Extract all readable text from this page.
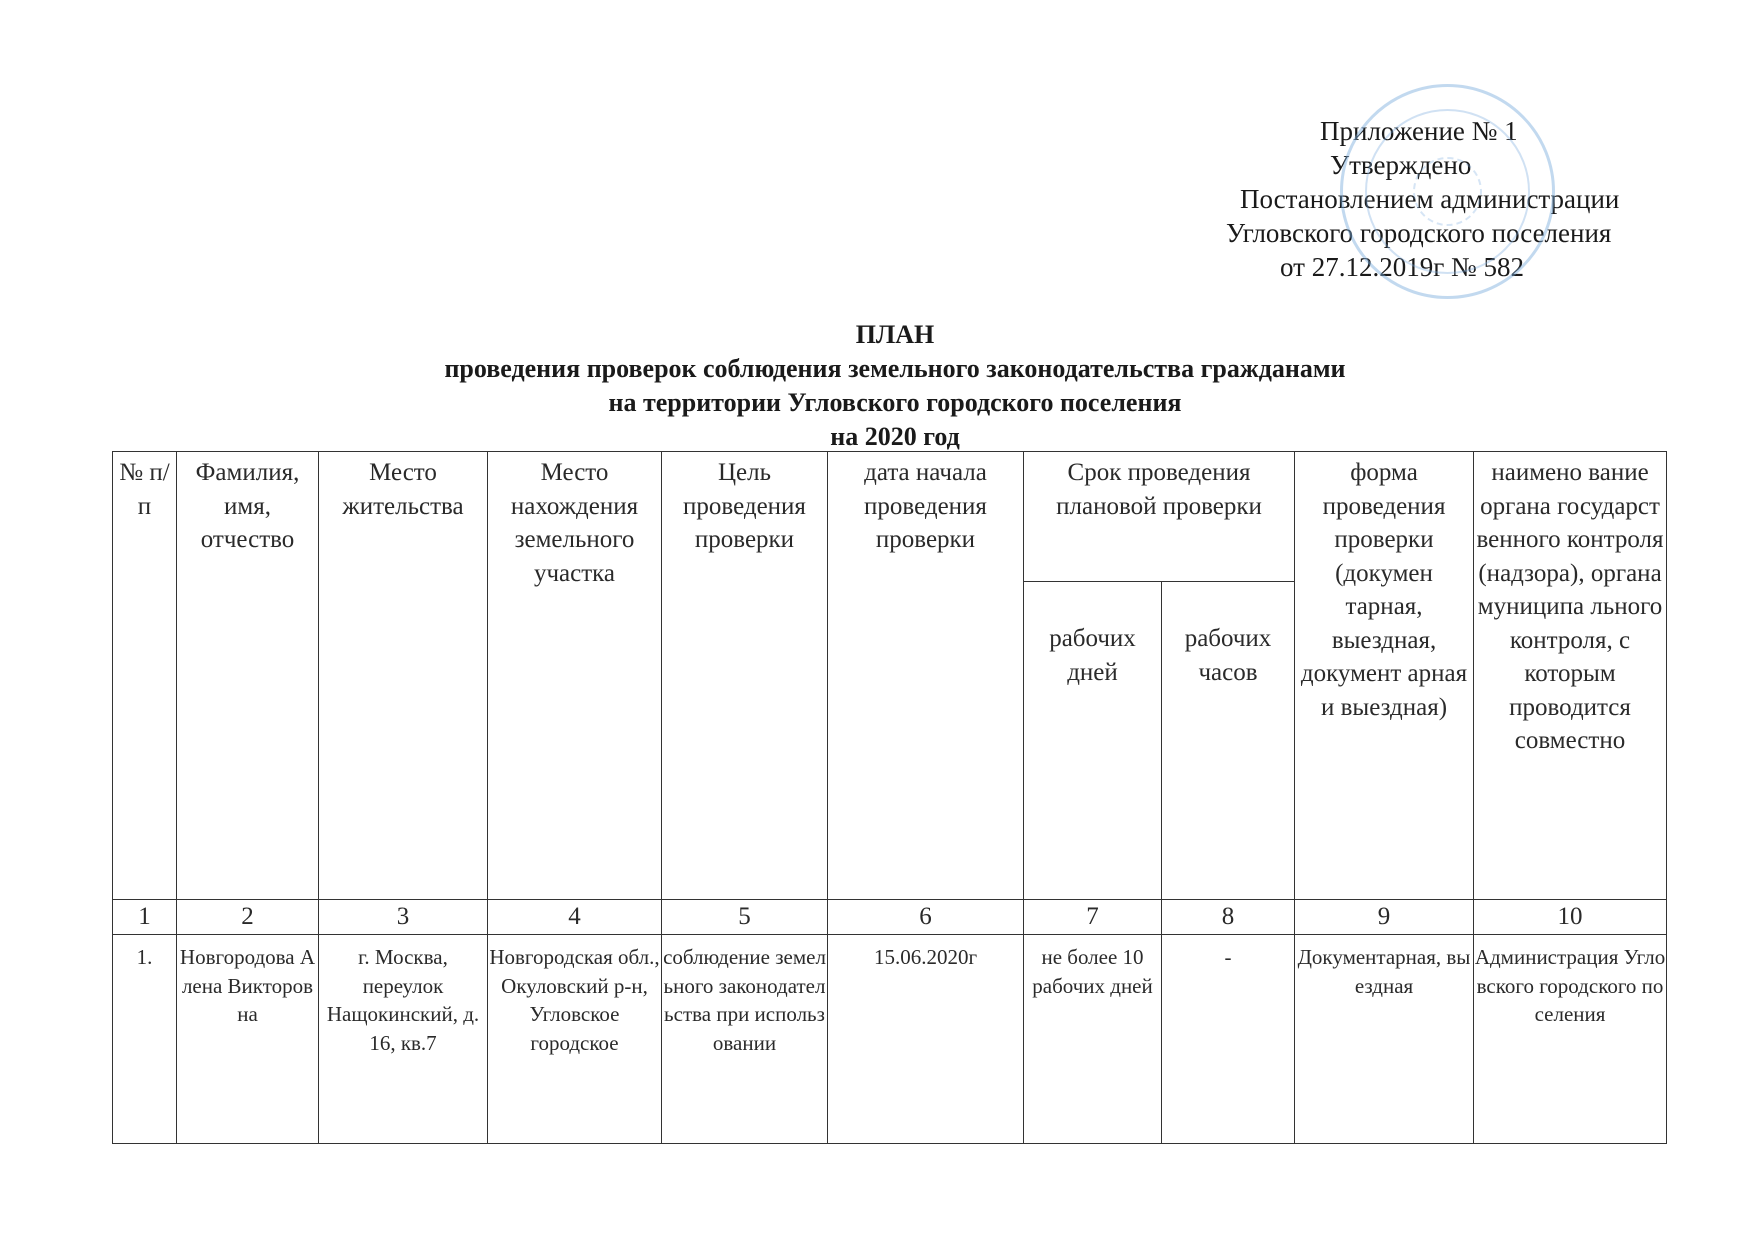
Приложение № 1
Утверждено
Постановлением администрации
Угловского городского поселения
от 27.12.2019г № 582
ПЛАН
проведения проверок соблюдения земельного законодательства гражданами
на территории Угловского городского поселения
на 2020 год
№ п/п	Фамилия, имя, отчество	Место жительства	Место нахождения земельного участка	Цель проведения проверки	дата начала проведения проверки	Срок проведения плановой проверки		форма проведения проверки (докумен тарная, выездная, документ арная и выездная)	наимено вание органа государст венного контроля (надзора), органа муниципа льного контроля, с которым проводится совместно
						рабочих дней	рабочих часов		
1	2	3	4	5	6	7	8	9	10
1.	Новгородова Алена Викторовна	г. Москва, переулок Нащокинский, д. 16, кв.7	Новгородская обл., Окуловский р-н, Угловское городское	соблюдение земельного законодательства при использовании	15.06.2020г	не более 10 рабочих дней	-	Документарная, выездная	Администрация Угловского городского поселения
